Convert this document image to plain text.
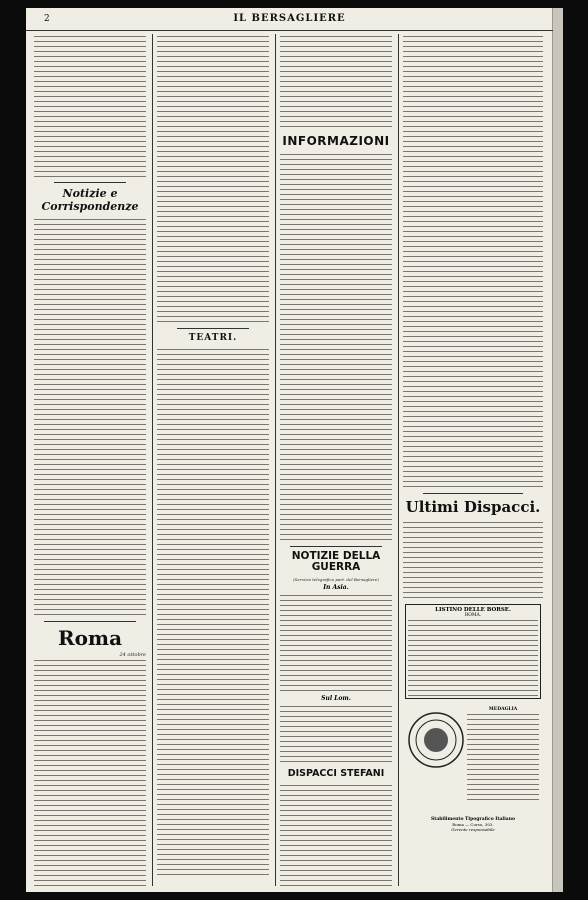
2	IL BERSAGLIERE
Notizie e Corrispondenze
Roma
24 ottobre
TEATRI.
INFORMAZIONI
NOTIZIE DELLA GUERRA
(Servizio telegrafico part. del Bersagliere)
In Asia.
Sul Lom.
DISPACCI STEFANI
Ultimi Dispacci.
LISTINO DELLE BORSE.
ROMA.
MEDAGLIA
Stabilimento Tipografico Italiano
Roma — Corso, 303.
Gerente responsabile
